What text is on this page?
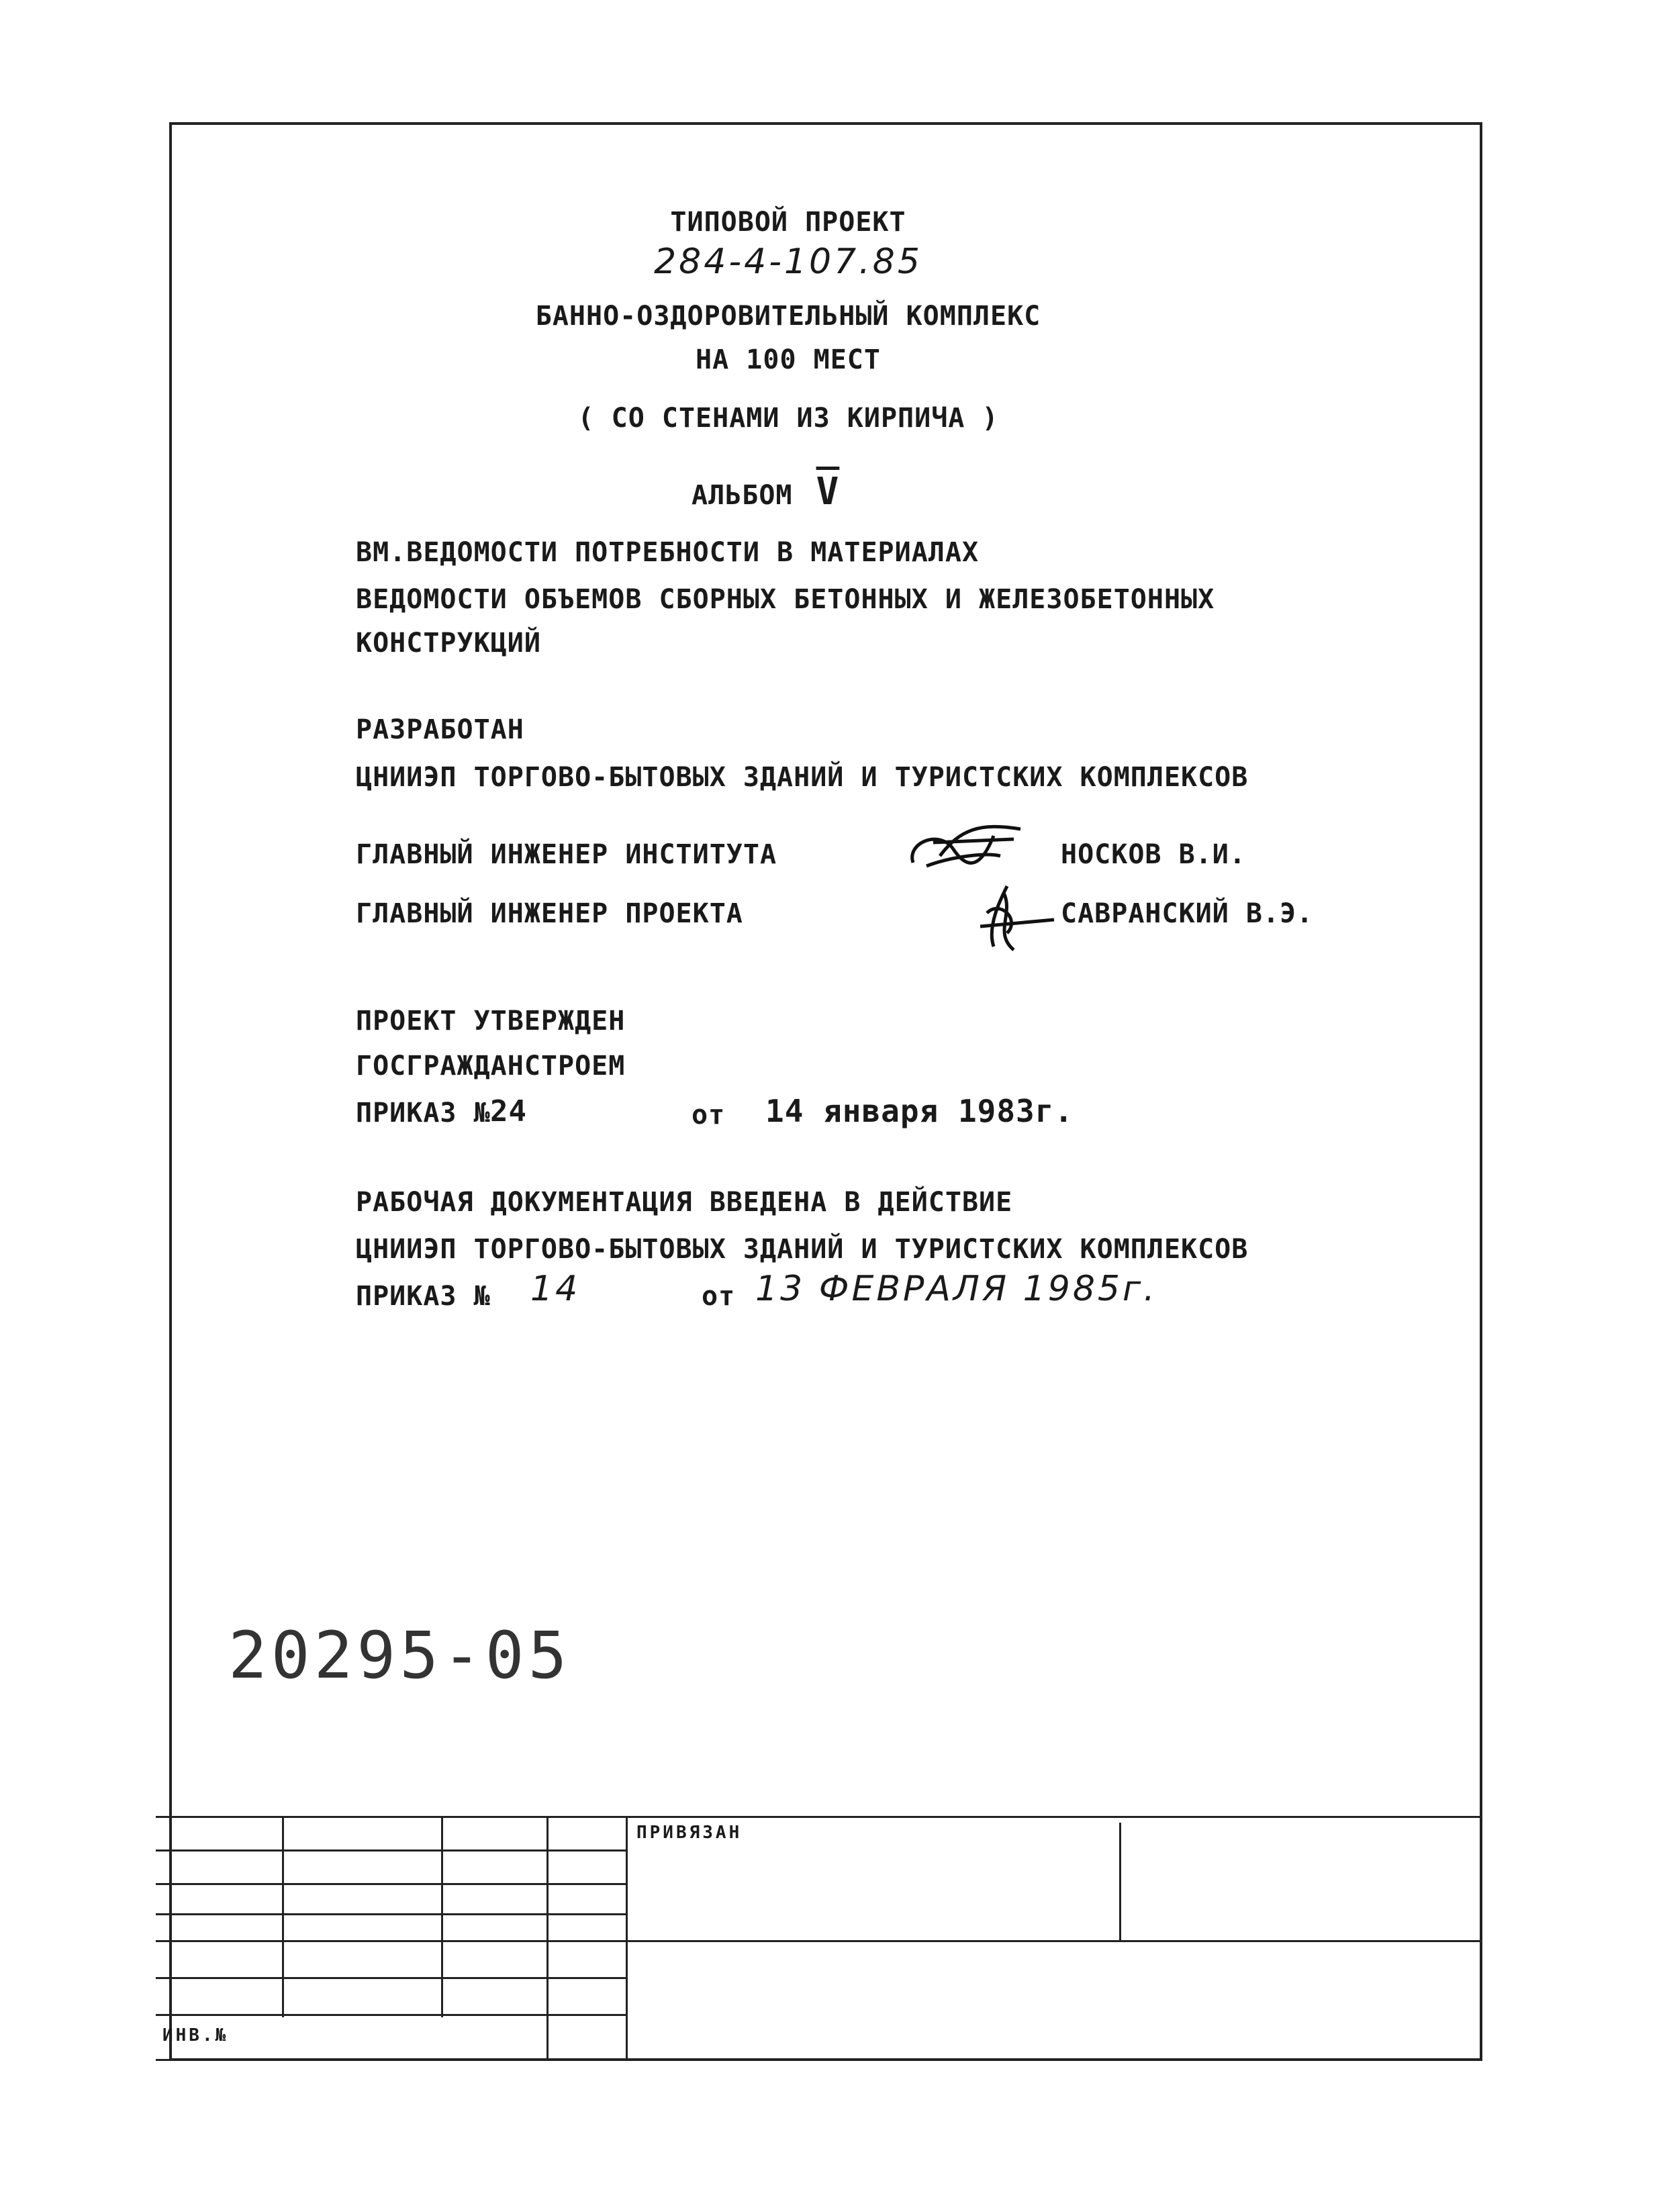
ТИПОВОЙ ПРОЕКТ
284-4-107.85
БАННО-ОЗДОРОВИТЕЛЬНЫЙ КОМПЛЕКС
НА 100 МЕСТ
( СО СТЕНАМИ ИЗ КИРПИЧА )
АЛЬБОМ $\overline{V}$
ВМ.ВЕДОМОСТИ ПОТРЕБНОСТИ В МАТЕРИАЛАХ
ВЕДОМОСТИ ОБЪЕМОВ СБОРНЫХ БЕТОННЫХ И ЖЕЛЕЗОБЕТОННЫХ
КОНСТРУКЦИЙ
РАЗРАБОТАН
ЦНИИЭП ТОРГОВО-БЫТОВЫХ ЗДАНИЙ И ТУРИСТСКИХ КОМПЛЕКСОВ
ГЛАВНЫЙ ИНЖЕНЕР ИНСТИТУТА	НОСКОВ В.И.
ГЛАВНЫЙ ИНЖЕНЕР ПРОЕКТА	САВРАНСКИЙ В.Э.
ПРОЕКТ УТВЕРЖДЕН
ГОСГРАЖДАНСТРОЕМ
ПРИКАЗ № 24	от 14 января 1983г.
РАБОЧАЯ ДОКУМЕНТАЦИЯ ВВЕДЕНА В ДЕЙСТВИЕ
ЦНИИЭП ТОРГОВО-БЫТОВЫХ ЗДАНИЙ И ТУРИСТСКИХ КОМПЛЕКСОВ
ПРИКАЗ № 14	от 13 ФЕВРАЛЯ 1985г.
20295-05
ПРИВЯЗАН
ИНВ.№
